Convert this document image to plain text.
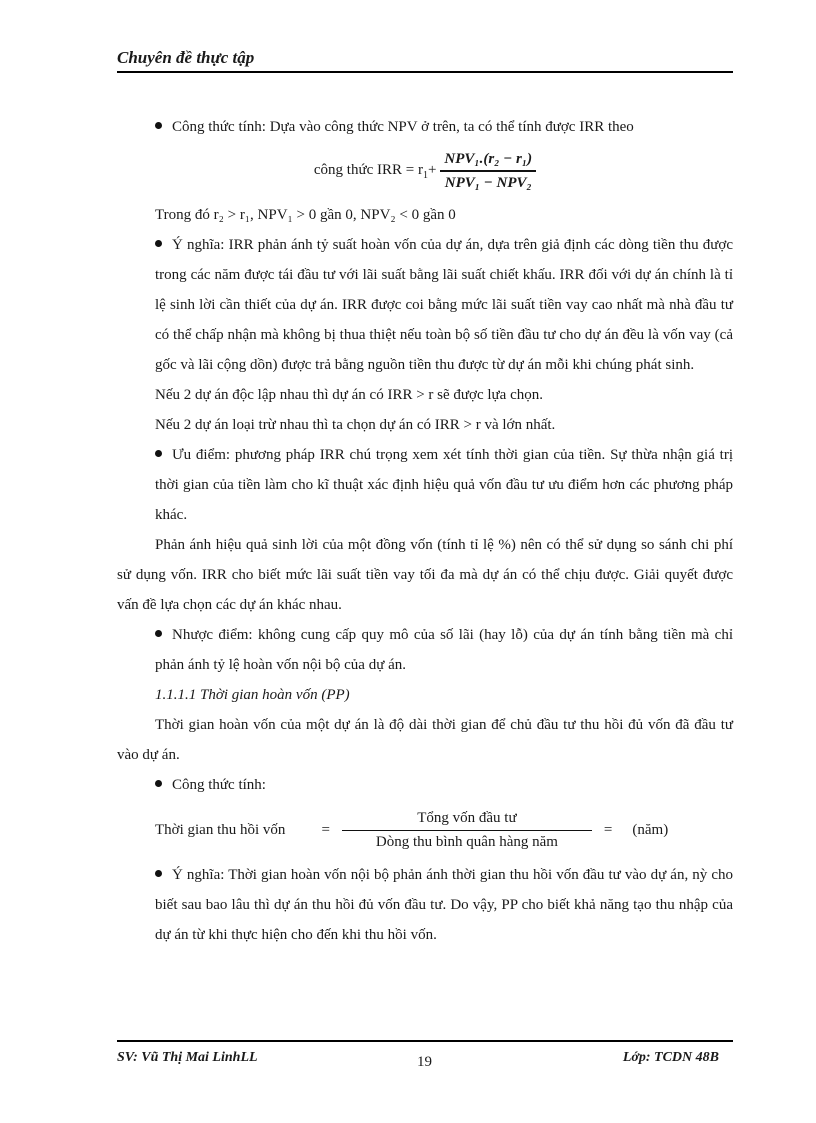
Chuyên đề thực tập

Công thức tính: Dựa vào công thức NPV ở trên, ta có thể tính được IRR theo

công thức IRR = $r_1+ \frac{\text{NPV₁.(r₂ − r₁)}}{\text{NPV₁ − NPV₂}}$

Trong đó r₂ > r₁, NPV₁ > 0 gần 0, NPV₂ < 0 gần 0

Ý nghĩa: IRR phản ánh tỷ suất hoàn vốn của dự án, dựa trên giả định các dòng tiền thu được trong các năm được tái đầu tư với lãi suất bằng lãi suất chiết khấu. IRR đối với dự án chính là tỉ lệ sinh lời cần thiết của dự án. IRR được coi bằng mức lãi suất tiền vay cao nhất mà nhà đầu tư có thể chấp nhận mà không bị thua thiệt nếu toàn bộ số tiền đầu tư cho dự án đều là vốn vay (cả gốc và lãi cộng dồn) được trả bằng nguồn tiền thu được từ dự án mỗi khi chúng phát sinh.

Nếu 2 dự án độc lập nhau thì dự án có IRR > r sẽ được lựa chọn.

Nếu 2 dự án loại trừ nhau thì ta chọn dự án có IRR > r và lớn nhất.

Ưu điểm: phương pháp IRR chú trọng xem xét tính thời gian của tiền. Sự thừa nhận giá trị thời gian của tiền làm cho kĩ thuật xác định hiệu quả vốn đầu tư ưu điểm hơn các phương pháp khác.

Phản ánh hiệu quả sinh lời của một đồng vốn (tính tỉ lệ %) nên có thể sử dụng so sánh chi phí sử dụng vốn. IRR cho biết mức lãi suất tiền vay tối đa mà dự án có thể chịu được. Giải quyết được vấn đề lựa chọn các dự án khác nhau.

Nhược điểm: không cung cấp quy mô của số lãi (hay lỗ) của dự án tính bằng tiền mà chỉ phản ánh tỷ lệ hoàn vốn nội bộ của dự án.

1.1.1.1 Thời gian hoàn vốn (PP)

Thời gian hoàn vốn của một dự án là độ dài thời gian để chủ đầu tư thu hồi đủ vốn đã đầu tư vào dự án.

Công thức tính:

Thời gian thu hồi vốn = $\frac{\text{Tổng vốn đầu tư}}{\text{Dòng thu bình quân hàng năm}}$ = (năm)

Ý nghĩa: Thời gian hoàn vốn nội bộ phản ánh thời gian thu hồi vốn đầu tư vào dự án, nỳ cho biết sau bao lâu thì dự án thu hồi đủ vốn đầu tư. Do vậy, PP cho biết khả năng tạo thu nhập của dự án từ khi thực hiện cho đến khi thu hồi vốn.

SV: Vũ Thị Mai LinhLL	19	Lớp: TCDN 48B
